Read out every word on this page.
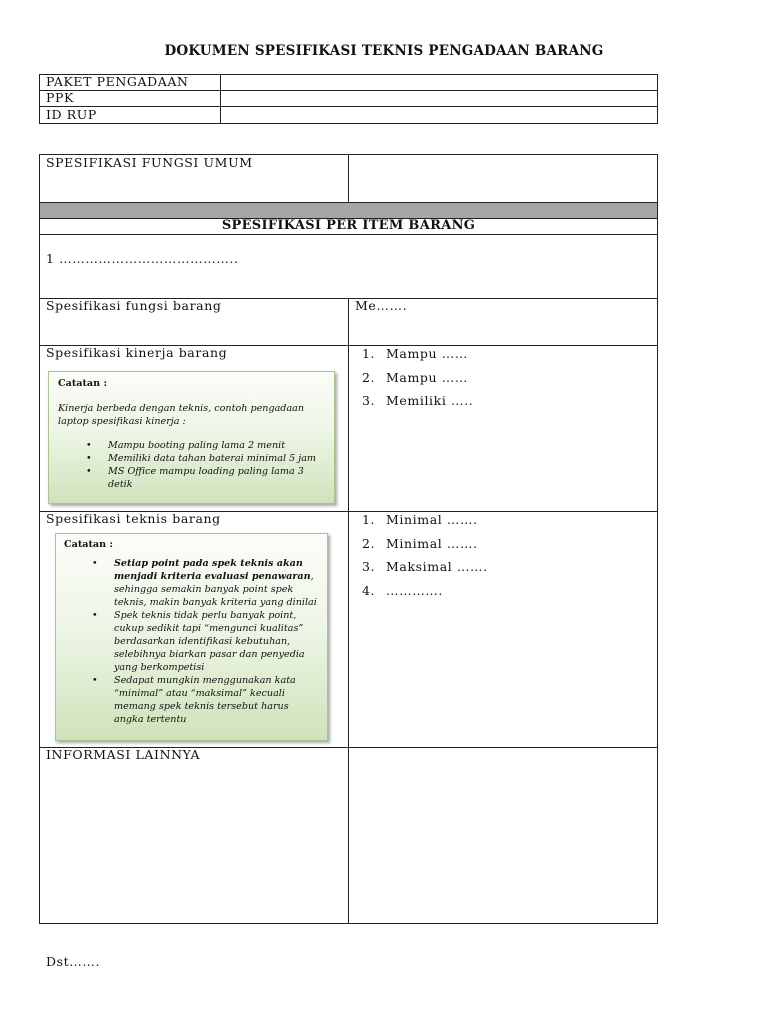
DOKUMEN SPESIFIKASI TEKNIS PENGADAAN BARANG
PAKET PENGADAAN
PPK
ID RUP
SPESIFIKASI FUNGSI UMUM
SPESIFIKASI PER ITEM BARANG
1 …………………………………..
Spesifikasi fungsi barang	Me…….
Spesifikasi kinerja barang	1. Mampu ……
2. Mampu ……
3. Memiliki …..
Catatan :
Kinerja berbeda dengan teknis, contoh pengadaan laptop spesifikasi kinerja :
• Mampu booting paling lama 2 menit
• Memiliki data tahan baterai minimal 5 jam
• MS Office mampu loading paling lama 3 detik
Spesifikasi teknis barang	1. Minimal …….
2. Minimal …….
3. Maksimal …….
4. ………….
Catatan :
• Setiap point pada spek teknis akan menjadi kriteria evaluasi penawaran, sehingga semakin banyak point spek teknis, makin banyak kriteria yang dinilai
• Spek teknis tidak perlu banyak point, cukup sedikit tapi “mengunci kualitas” berdasarkan identifikasi kebutuhan, selebihnya biarkan pasar dan penyedia yang berkompetisi
• Sedapat mungkin menggunakan kata “minimal” atau “maksimal” kecuali memang spek teknis tersebut harus angka tertentu
INFORMASI LAINNYA
Dst…….
